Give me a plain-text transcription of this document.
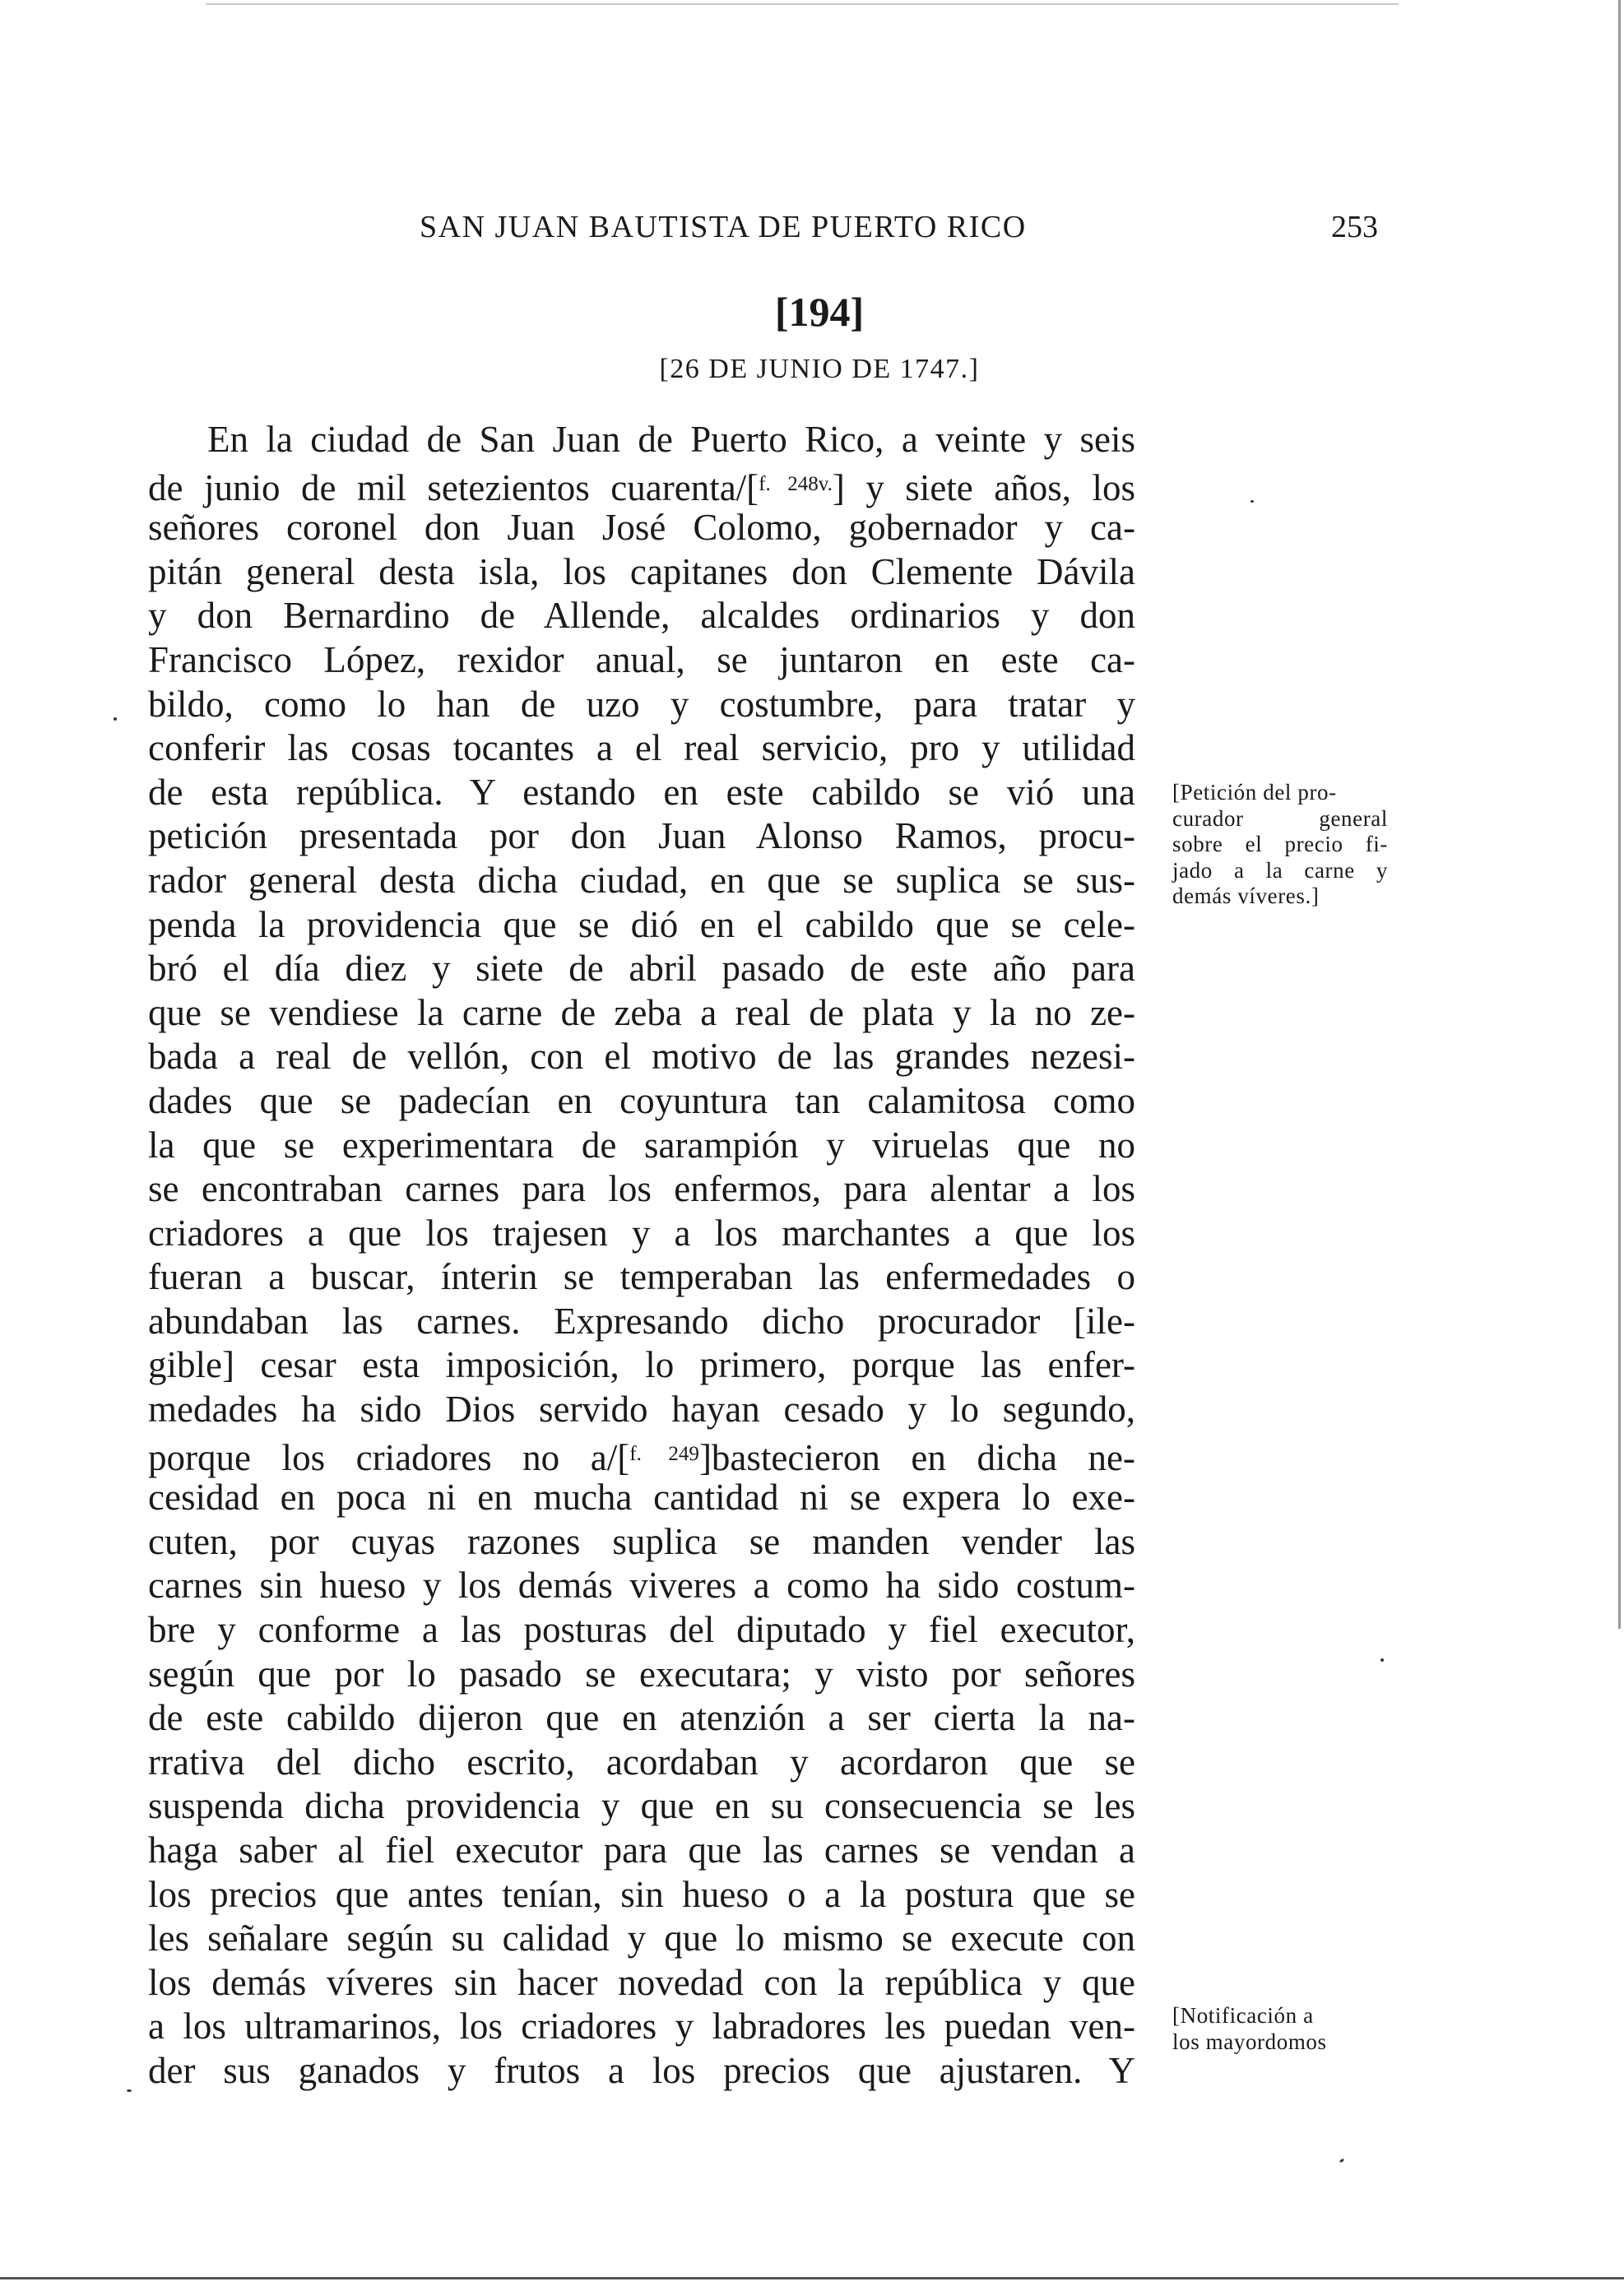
SAN JUAN BAUTISTA DE PUERTO RICO	253
[194]
[26 DE JUNIO DE 1747.]
En la ciudad de San Juan de Puerto Rico, a veinte y seis
de junio de mil setezientos cuarenta/[$^{f. 248v.}$] y siete años, los
señores coronel don Juan José Colomo, gobernador y ca-
pitán general desta isla, los capitanes don Clemente Dávila
y don Bernardino de Allende, alcaldes ordinarios y don
Francisco López, rexidor anual, se juntaron en este ca-
bildo, como lo han de uzo y costumbre, para tratar y
conferir las cosas tocantes a el real servicio, pro y utilidad
de esta república. Y estando en este cabildo se vió una
petición presentada por don Juan Alonso Ramos, procu-
rador general desta dicha ciudad, en que se suplica se sus-
penda la providencia que se dió en el cabildo que se cele-
bró el día diez y siete de abril pasado de este año para
que se vendiese la carne de zeba a real de plata y la no ze-
bada a real de vellón, con el motivo de las grandes nezesi-
dades que se padecían en coyuntura tan calamitosa como
la que se experimentara de sarampión y viruelas que no
se encontraban carnes para los enfermos, para alentar a los
criadores a que los trajesen y a los marchantes a que los
fueran a buscar, ínterin se temperaban las enfermedades o
abundaban las carnes. Expresando dicho procurador [ile-
gible] cesar esta imposición, lo primero, porque las enfer-
medades ha sido Dios servido hayan cesado y lo segundo,
porque los criadores no a/[$^{f. 249}$]bastecieron en dicha ne-
cesidad en poca ni en mucha cantidad ni se expera lo exe-
cuten, por cuyas razones suplica se manden vender las
carnes sin hueso y los demás viveres a como ha sido costum-
bre y conforme a las posturas del diputado y fiel executor,
según que por lo pasado se executara; y visto por señores
de este cabildo dijeron que en atenzión a ser cierta la na-
rrativa del dicho escrito, acordaban y acordaron que se
suspenda dicha providencia y que en su consecuencia se les
haga saber al fiel executor para que las carnes se vendan a
los precios que antes tenían, sin hueso o a la postura que se
les señalare según su calidad y que lo mismo se execute con
los demás víveres sin hacer novedad con la república y que
a los ultramarinos, los criadores y labradores les puedan ven-
der sus ganados y frutos a los precios que ajustaren. Y
[Petición del pro-
curador general
sobre el precio fi-
jado a la carne y
demás víveres.]
[Notificación a
los mayordomos
